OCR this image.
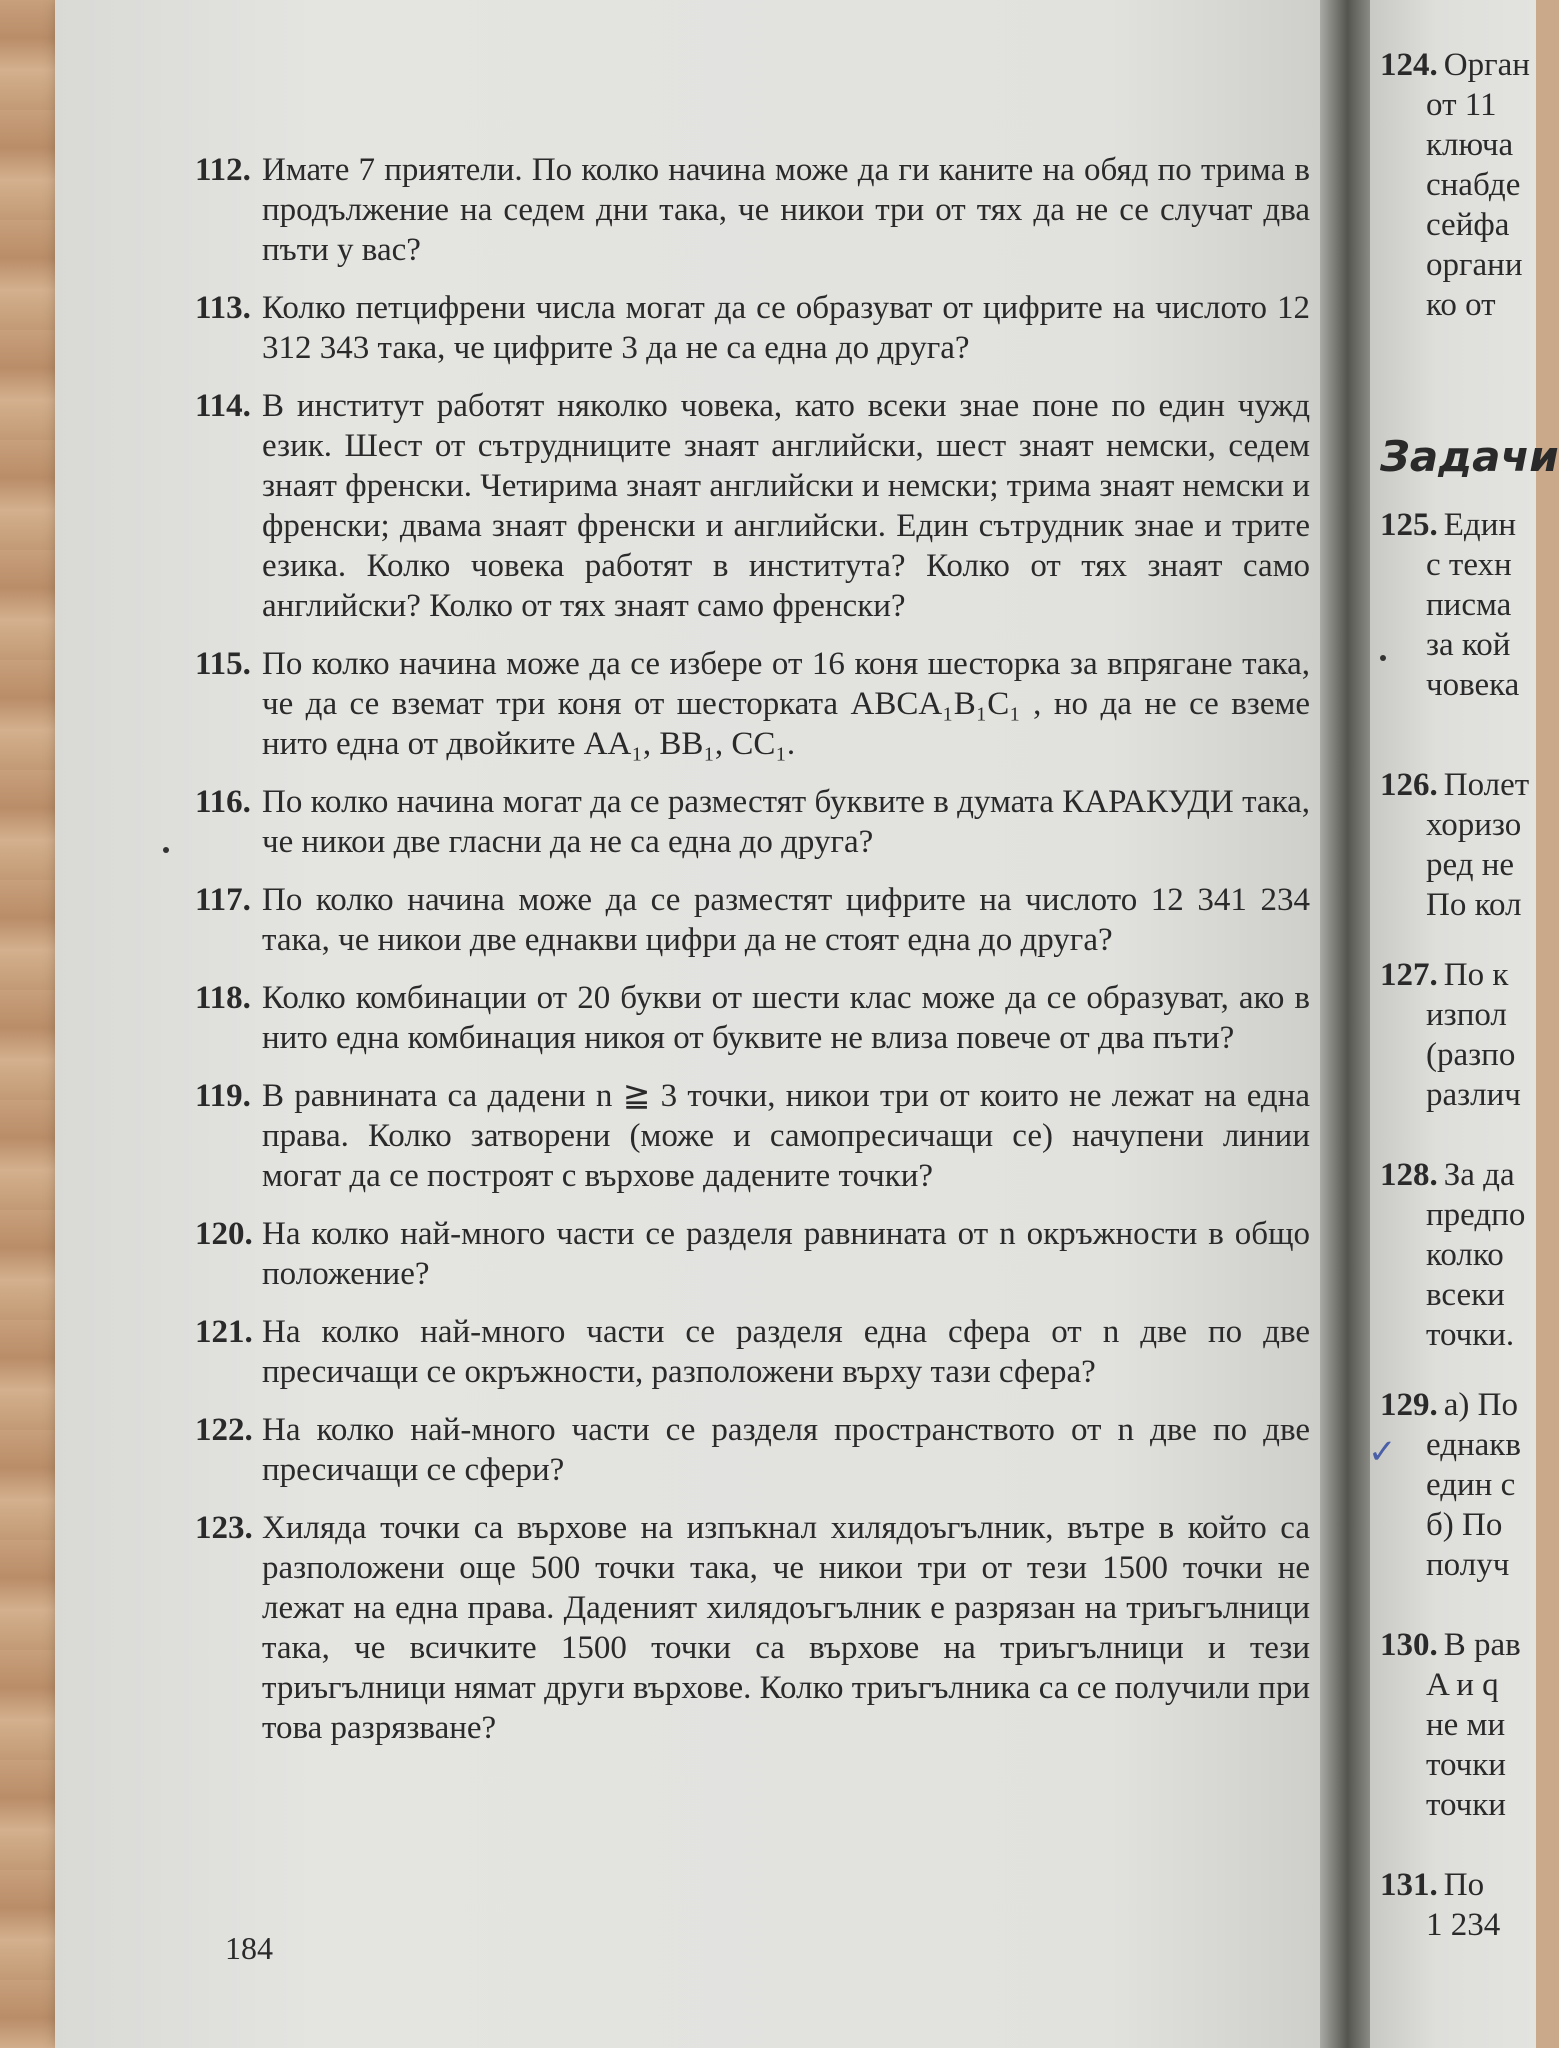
112. Имате 7 приятели. По колко начина може да ги каните на обяд по трима в продължение на седем дни така, че никои три от тях да не се случат два пъти у вас?
113. Колко петцифрени числа могат да се образуват от цифрите на числото 12 312 343 така, че цифрите 3 да не са една до друга?
114. В институт работят няколко човека, като всеки знае поне по един чужд език. Шест от сътрудниците знаят английски, шест знаят немски, седем знаят френски. Четирима знаят английски и немски; трима знаят немски и френски; двама знаят френски и английски. Един сътрудник знае и трите езика. Колко човека работят в института? Колко от тях знаят само английски? Колко от тях знаят само френски?
115. По колко начина може да се избере от 16 коня шесторка за впрягане така, че да се вземат три коня от шесторката ABCA₁B₁C₁ , но да не се вземе нито една от двойките AA₁, BB₁, CC₁.
116. По колко начина могат да се разместят буквите в думата КАРАКУДИ така, че никои две гласни да не са една до друга?
117. По колко начина може да се разместят цифрите на числото 12 341 234 така, че никои две еднакви цифри да не стоят една до друга?
118. Колко комбинации от 20 букви от шести клас може да се образуват, ако в нито една комбинация никоя от буквите не влиза повече от два пъти?
119. В равнината са дадени n ≧ 3 точки, никои три от които не лежат на една права. Колко затворени (може и самопресичащи се) начупени линии могат да се построят с върхове дадените точки?
120. На колко най-много части се разделя равнината от n окръжности в общо положение?
121. На колко най-много части се разделя една сфера от n две по две пресичащи се окръжности, разположени върху тази сфера?
122. На колко най-много части се разделя пространството от n две по две пресичащи се сфери?
123. Хиляда точки са върхове на изпъкнал хилядоъгълник, вътре в който са разположени още 500 точки така, че никои три от тези 1500 точки не лежат на една права. Даденият хилядоъгълник е разрязан на триъгълници така, че всичките 1500 точки са върхове на триъгълници и тези триъгълници нямат други върхове. Колко триъгълника са се получили при това разрязване?
184
Задачи
124. Орган
от 11
ключа
снабде
сейфа
органи
ко от
125. Един
с техн
писма
за кой
човека
126. Полет
хоризо
ред не
По кол
127. По к
изпол
(разпо
различ
128. За да
предпо
колко
всеки
точки.
129. а) По
еднакв
един с
б) По
получ
130. В рав
A и q
не ми
точки
точки
131. По
1 234
✓
